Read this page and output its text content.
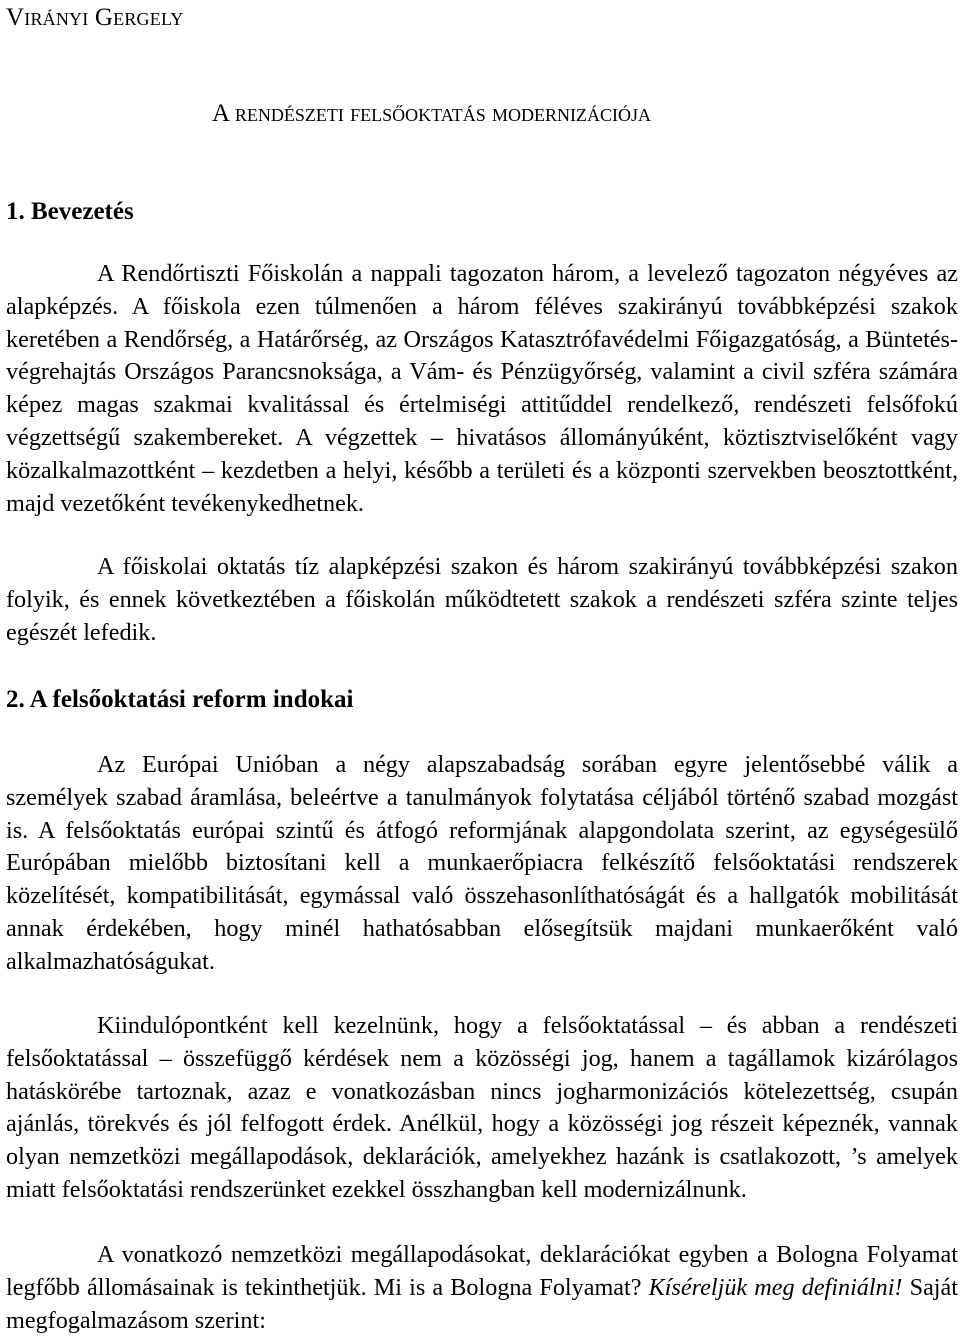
Virányi Gergely
A rendészeti felsőoktatás modernizációja
1. Bevezetés

A Rendőrtiszti Főiskolán a nappali tagozaton három, a levelező tagozaton négyéves az alapképzés. A főiskola ezen túlmenően a három féléves szakirányú továbbképzési szakok keretében a Rendőrség, a Határőrség, az Országos Katasztrófavédelmi Főigazgatóság, a Büntetés-végrehajtás Országos Parancsnoksága, a Vám- és Pénzügyőrség, valamint a civil szféra számára képez magas szakmai kvalitással és értelmiségi attitűddel rendelkező, rendészeti felsőfokú végzettségű szakembereket. A végzettek – hivatásos állományúként, köztisztviselőként vagy közalkalmazottként – kezdetben a helyi, később a területi és a központi szervekben beosztottként, majd vezetőként tevékenykedhetnek.

A főiskolai oktatás tíz alapképzési szakon és három szakirányú továbbképzési szakon folyik, és ennek következtében a főiskolán működtetett szakok a rendészeti szféra szinte teljes egészét lefedik.

2. A felsőoktatási reform indokai

Az Európai Unióban a négy alapszabadság sorában egyre jelentősebbé válik a személyek szabad áramlása, beleértve a tanulmányok folytatása céljából történő szabad mozgást is. A felsőoktatás európai szintű és átfogó reformjának alapgondolata szerint, az egységesülő Európában mielőbb biztosítani kell a munkaerőpiacra felkészítő felsőoktatási rendszerek közelítését, kompatibilitását, egymással való összehasonlíthatóságát és a hallgatók mobilitását annak érdekében, hogy minél hathatósabban elősegítsük majdani munkaerőként való alkalmazhatóságukat.

Kiindulópontként kell kezelnünk, hogy a felsőoktatással – és abban a rendészeti felsőoktatással – összefüggő kérdések nem a közösségi jog, hanem a tagállamok kizárólagos hatáskörébe tartoznak, azaz e vonatkozásban nincs jogharmonizációs kötelezettség, csupán ajánlás, törekvés és jól felfogott érdek. Anélkül, hogy a közösségi jog részeit képeznék, vannak olyan nemzetközi megállapodások, deklarációk, amelyekhez hazánk is csatlakozott, ’s amelyek miatt felsőoktatási rendszerünket ezekkel összhangban kell modernizálnunk.

A vonatkozó nemzetközi megállapodásokat, deklarációkat egyben a Bologna Folyamat legfőbb állomásainak is tekinthetjük. Mi is a Bologna Folyamat? Kíséreljük meg definiálni! Saját megfogalmazásom szerint:
